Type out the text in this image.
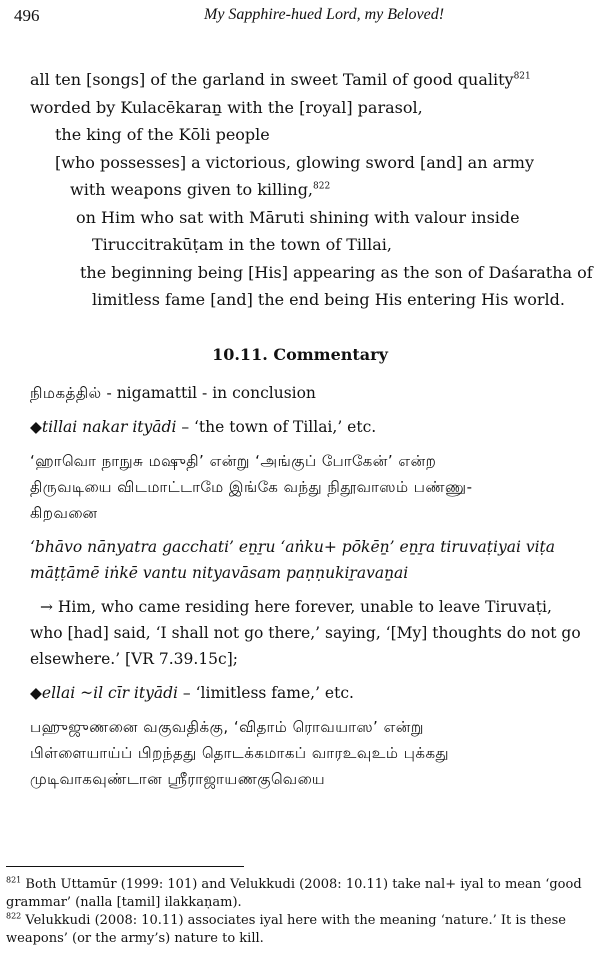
496	My Sapphire-hued Lord, my Beloved!
all ten [songs] of the garland in sweet Tamil of good quality$^{821}$
worded by Kulacēkaraṉ with the [royal] parasol,
the king of the Kōli people
[who possesses] a victorious, glowing sword [and] an army
with weapons given to killing,$^{822}$
on Him who sat with Māruti shining with valour inside
Tiruccitrakūṭam in the town of Tillai,
the beginning being [His] appearing as the son of Daśaratha of
limitless fame [and] the end being His entering His world.
10.11. Commentary
நிமகத்தில் - nigamattil - in conclusion
◆tillai nakar ityādi – ‘the town of Tillai,’ etc.
‘ஹாவொ நாநுசு மஷுதி’ என்று ‘அங்குப் போகேன்’ என்ற
திருவடியை விடமாட்டாமே இங்கே வந்து நிதூவாஸம் பண்ணு-
கிறவனை
‘bhāvo nānyatra gacchati’ eṉṟu ‘aṅku+ pōkēṉ’ eṉṟa tiruvaṭiyai viṭa
māṭṭāmē iṅkē vantu nityavāsam paṇṇukiṟavaṉai
→ Him, who came residing here forever, unable to leave Tiruvaṭi,
who [had] said, ‘I shall not go there,’ saying, ‘[My] thoughts do not go
elsewhere.’ [VR 7.39.15c];
◆ellai ~il cīr ityādi – ‘limitless fame,’ etc.
பஹுஜுணனை வகுவதிக்கு, ‘விதாம் ரொவயாஸ’ என்று
பிள்ளையாய்ப் பிறந்தது தொடக்கமாகப் வாரஉவுஉம் புக்கது
முடிவாகவுண்டான ஸ்ரீராஜாயணகுவெயை
$^{821}$ Both Uttamūr (1999: 101) and Velukkudi (2008: 10.11) take nal+ iyal to mean ‘good
grammar’ (nalla [tamil] ilakkaṇam).
$^{822}$ Velukkudi (2008: 10.11) associates iyal here with the meaning ‘nature.’ It is these
weapons’ (or the army’s) nature to kill.
